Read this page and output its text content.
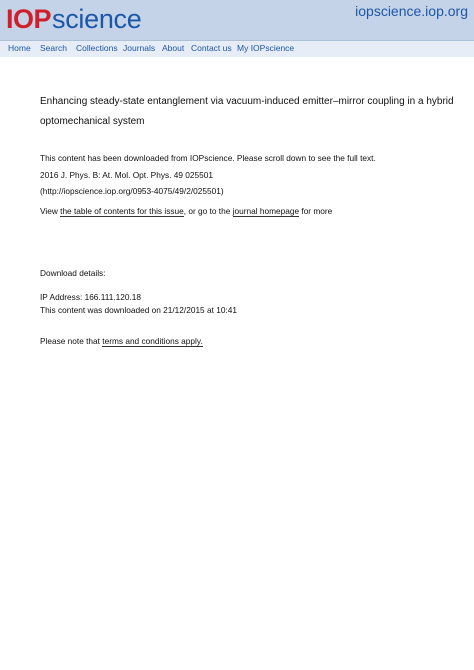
IOP science	iopscience.iop.org
Home Search Collections Journals About Contact us My IOPscience
Enhancing steady-state entanglement via vacuum-induced emitter–mirror coupling in a hybrid
optomechanical system
This content has been downloaded from IOPscience. Please scroll down to see the full text.
2016 J. Phys. B: At. Mol. Opt. Phys. 49 025501
(http://iopscience.iop.org/0953-4075/49/2/025501)
View the table of contents for this issue, or go to the journal homepage for more
Download details:
IP Address: 166.111.120.18
This content was downloaded on 21/12/2015 at 10:41
Please note that terms and conditions apply.
